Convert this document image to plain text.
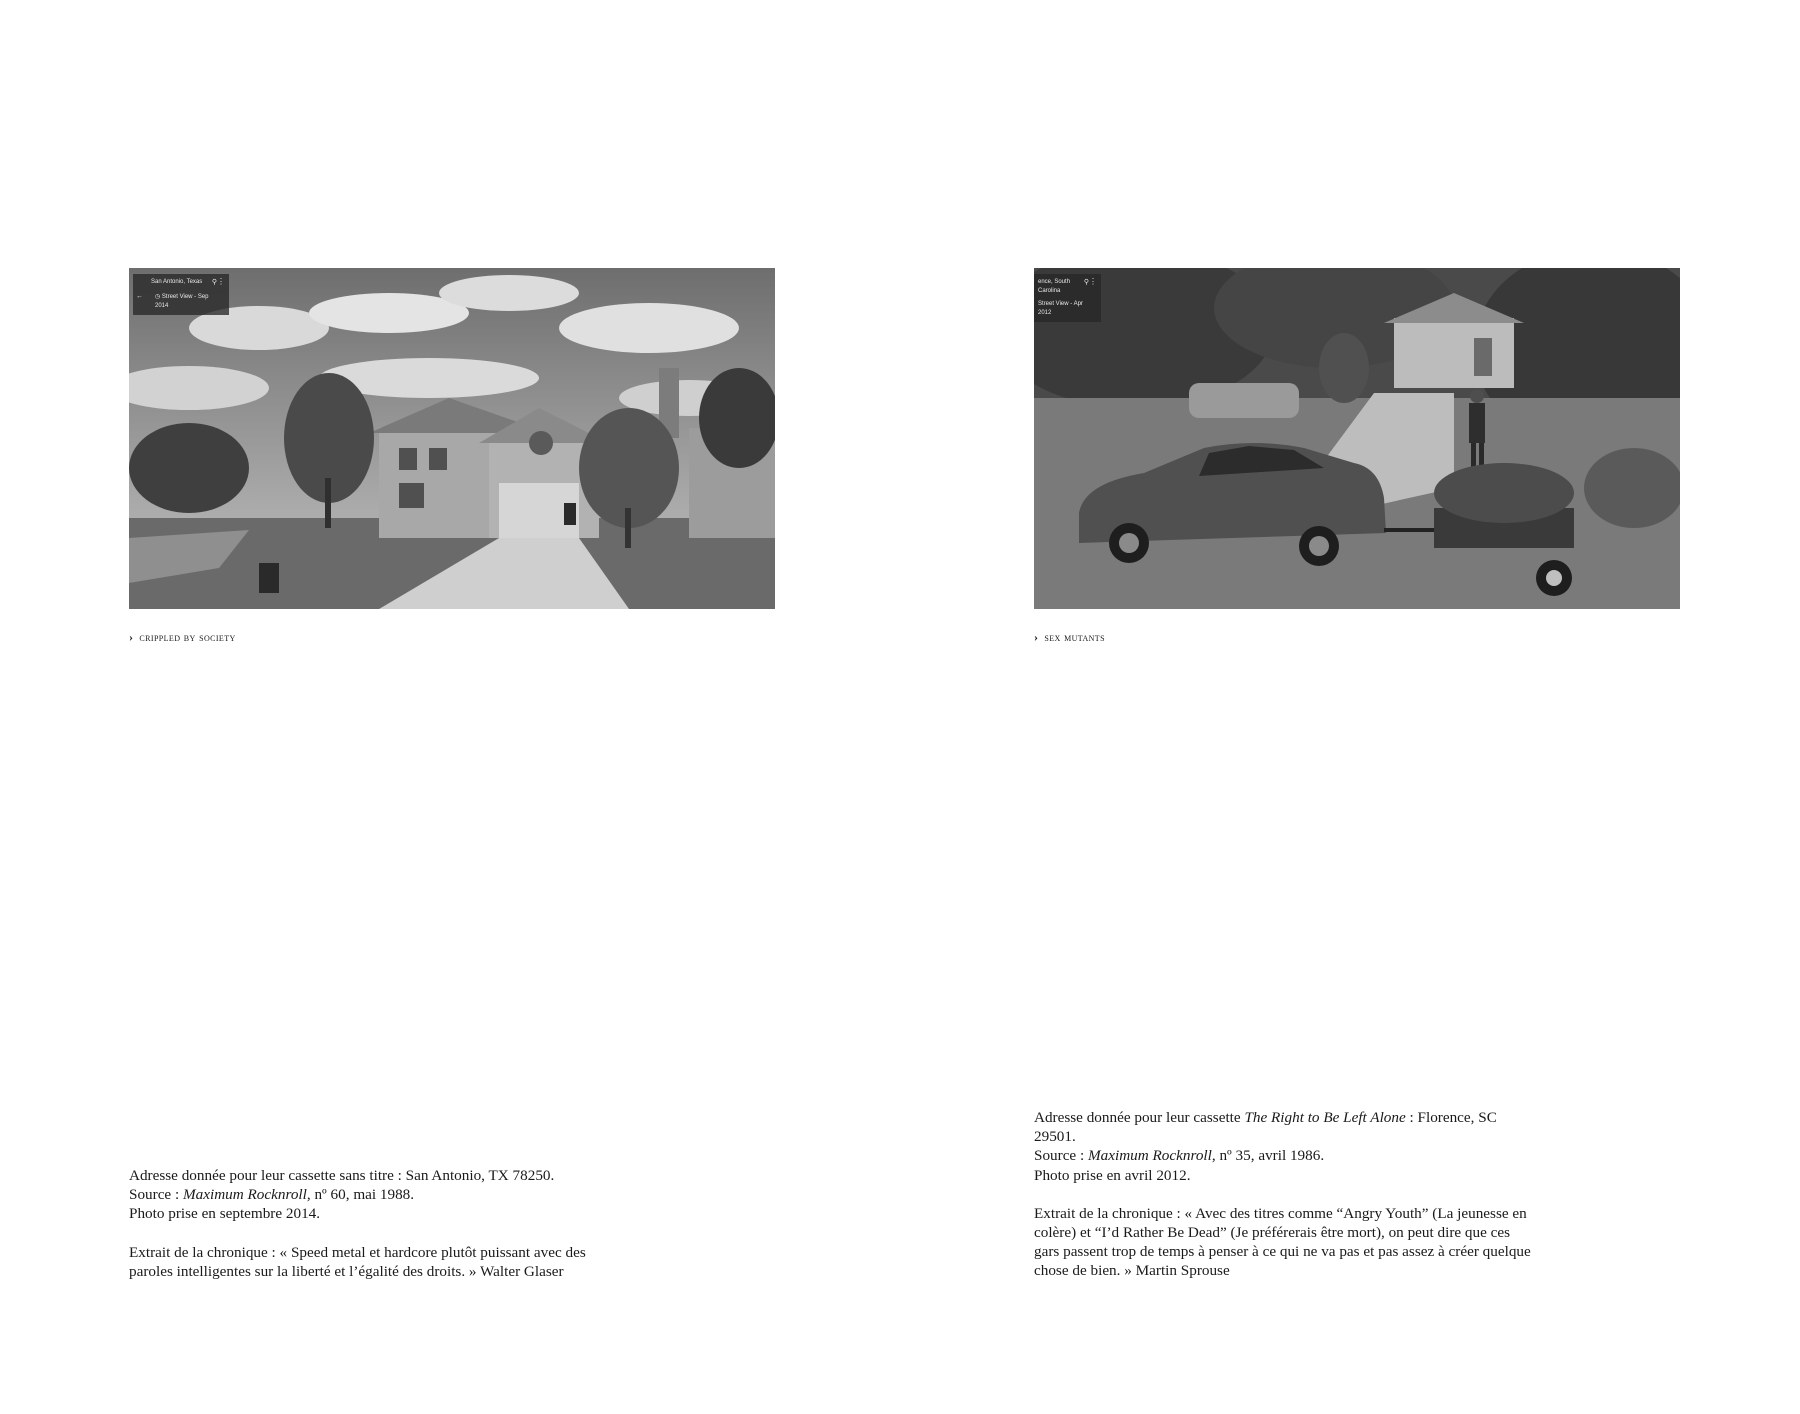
←
⚲ ⋮
San Antonio, Texas
◷ Street View - Sep 2014
› crippled by society

Adresse donnée pour leur cassette sans titre : San Antonio, TX 78250.

Source : Maximum Rocknroll, nº 60, mai 1988.

Photo prise en septembre 2014.

Extrait de la chronique : « Speed metal et hardcore plutôt puissant avec des paroles intelligentes sur la liberté et l’égalité des droits. » Walter Glaser

⚲ ⋮
ence, South Carolina
Street View - Apr 2012
› sex mutants

Adresse donnée pour leur cassette The Right to Be Left Alone : Florence, SC 29501.

Source : Maximum Rocknroll, nº 35, avril 1986.

Photo prise en avril 2012.

Extrait de la chronique : « Avec des titres comme “Angry Youth” (La jeunesse en colère) et “I’d Rather Be Dead” (Je préférerais être mort), on peut dire que ces gars passent trop de temps à penser à ce qui ne va pas et pas assez à créer quelque chose de bien. » Martin Sprouse
